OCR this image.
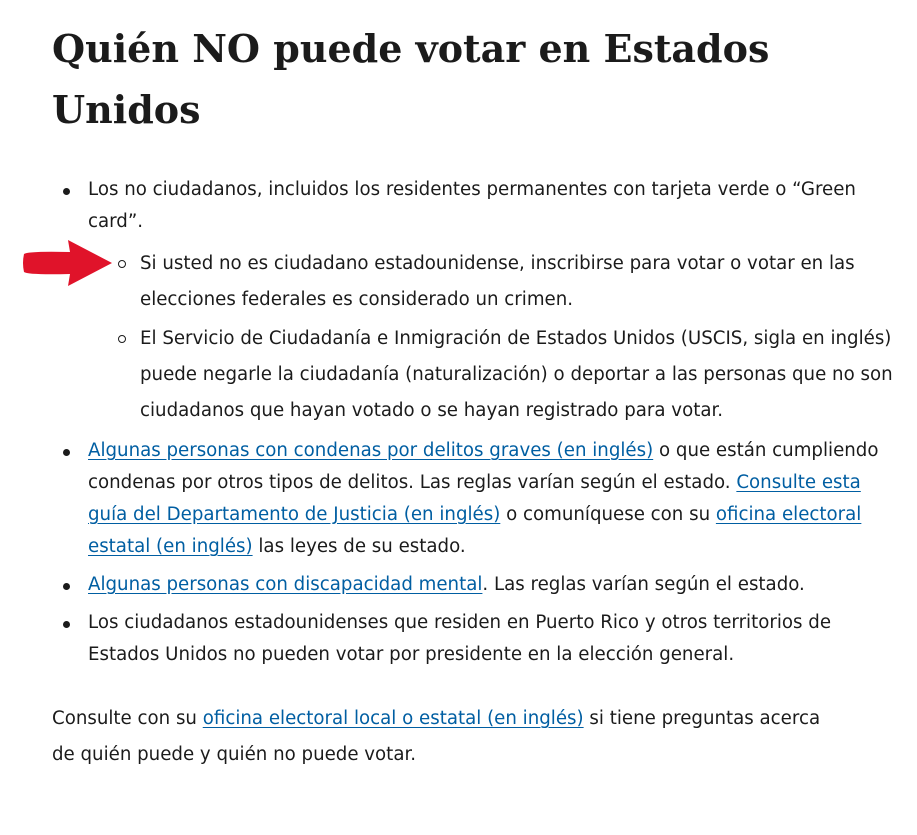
Quién NO puede votar en Estados Unidos
Los no ciudadanos, incluidos los residentes permanentes con tarjeta verde o “Green card”.
Si usted no es ciudadano estadounidense, inscribirse para votar o votar en las elecciones federales es considerado un crimen.
El Servicio de Ciudadanía e Inmigración de Estados Unidos (USCIS, sigla en inglés) puede negarle la ciudadanía (naturalización) o deportar a las personas que no son ciudadanos que hayan votado o se hayan registrado para votar.
Algunas personas con condenas por delitos graves (en inglés) o que están cumpliendo condenas por otros tipos de delitos. Las reglas varían según el estado. Consulte esta guía del Departamento de Justicia (en inglés) o comuníquese con su oficina electoral estatal (en inglés) las leyes de su estado.
Algunas personas con discapacidad mental. Las reglas varían según el estado.
Los ciudadanos estadounidenses que residen en Puerto Rico y otros territorios de Estados Unidos no pueden votar por presidente en la elección general.

Consulte con su oficina electoral local o estatal (en inglés) si tiene preguntas acerca de quién puede y quién no puede votar.
